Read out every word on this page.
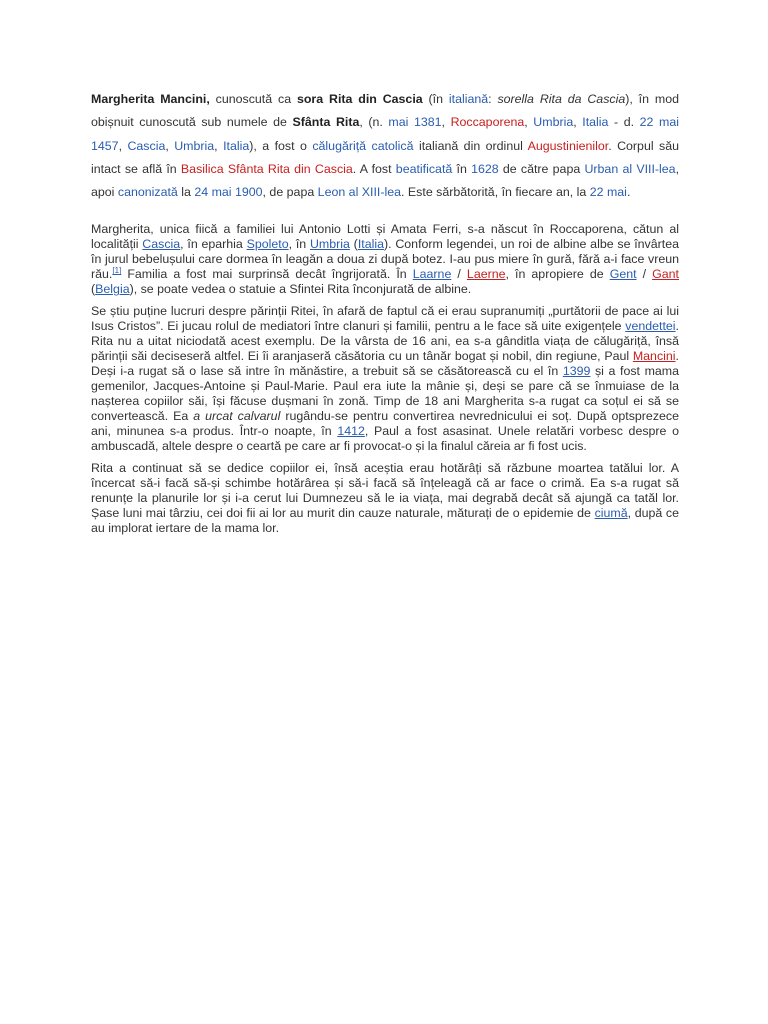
Margherita Mancini, cunoscută ca sora Rita din Cascia (în italiană: sorella Rita da Cascia), în mod obișnuit cunoscută sub numele de Sfânta Rita, (n. mai 1381, Roccaporena, Umbria, Italia - d. 22 mai 1457, Cascia, Umbria, Italia), a fost o călugăriță catolică italiană din ordinul Augustinienilor. Corpul său intact se află în Basilica Sfânta Rita din Cascia. A fost beatificată în 1628 de către papa Urban al VIII-lea, apoi canonizată la 24 mai 1900, de papa Leon al XIII-lea. Este sărbătorită, în fiecare an, la 22 mai.

Margherita, unica fiică a familiei lui Antonio Lotti și Amata Ferri, s-a născut în Roccaporena, cătun al localității Cascia, în eparhia Spoleto, în Umbria (Italia). Conform legendei, un roi de albine albe se învârtea în jurul bebelușului care dormea în leagăn a doua zi după botez. I-au pus miere în gură, fără a-i face vreun rău.[1] Familia a fost mai surprinsă decât îngrijorată. În Laarne / Laerne, în apropiere de Gent / Gant (Belgia), se poate vedea o statuie a Sfintei Rita înconjurată de albine.

Se știu puține lucruri despre părinții Ritei, în afară de faptul că ei erau supranumiți „purtătorii de pace ai lui Isus Cristos”. Ei jucau rolul de mediatori între clanuri și familii, pentru a le face să uite exigențele vendettei. Rita nu a uitat niciodată acest exemplu. De la vârsta de 16 ani, ea s-a gânditla viața de călugăriță, însă părinții săi deciseseră altfel. Ei îi aranjaseră căsătoria cu un tânăr bogat și nobil, din regiune, Paul Mancini. Deși i-a rugat să o lase să intre în mănăstire, a trebuit să se căsătorească cu el în 1399 și a fost mama gemenilor, Jacques-Antoine și Paul-Marie. Paul era iute la mânie și, deși se pare că se înmuiase de la nașterea copiilor săi, își făcuse dușmani în zonă. Timp de 18 ani Margherita s-a rugat ca soțul ei să se convertească. Ea a urcat calvarul rugându-se pentru convertirea nevrednicului ei soț. După optsprezece ani, minunea s-a produs. Într-o noapte, în 1412, Paul a fost asasinat. Unele relatări vorbesc despre o ambuscadă, altele despre o ceartă pe care ar fi provocat-o și la finalul căreia ar fi fost ucis.

Rita a continuat să se dedice copiilor ei, însă aceștia erau hotărâți să răzbune moartea tatălui lor. A încercat să-i facă să-și schimbe hotărârea și să-i facă să înțeleagă că ar face o crimă. Ea s-a rugat să renunțe la planurile lor și i-a cerut lui Dumnezeu să le ia viața, mai degrabă decât să ajungă ca tatăl lor. Șase luni mai târziu, cei doi fii ai lor au murit din cauze naturale, măturați de o epidemie de ciumă, după ce au implorat iertare de la mama lor.
